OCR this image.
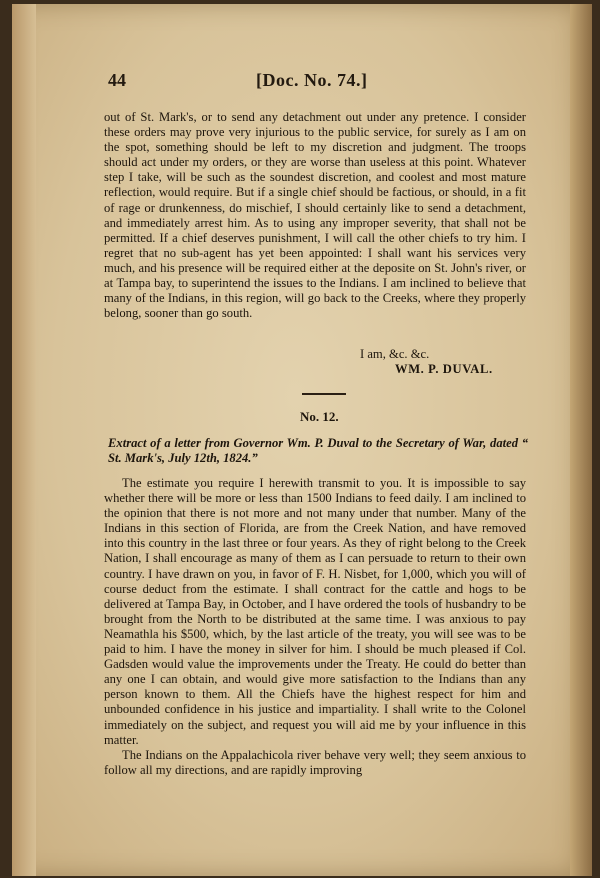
44	[Doc. No. 74.]

out of St. Mark's, or to send any detachment out under any pretence. I consider these orders may prove very injurious to the public service, for surely as I am on the spot, something should be left to my discretion and judgment. The troops should act under my orders, or they are worse than useless at this point. Whatever step I take, will be such as the soundest discretion, and coolest and most mature reflection, would require. But if a single chief should be factious, or should, in a fit of rage or drunkenness, do mischief, I should certainly like to send a detachment, and immediately arrest him. As to using any improper severity, that shall not be permitted. If a chief deserves punishment, I will call the other chiefs to try him. I regret that no sub-agent has yet been appointed: I shall want his services very much, and his presence will be required either at the deposite on St. John's river, or at Tampa bay, to superintend the issues to the Indians. I am inclined to believe that many of the Indians, in this region, will go back to the Creeks, where they properly belong, sooner than go south.

I am, &c. &c.
WM. P. DUVAL.
No. 12.
Extract of a letter from Governor Wm. P. Duval to the Secretary of War, dated “ St. Mark's, July 12th, 1824.”

The estimate you require I herewith transmit to you. It is impossible to say whether there will be more or less than 1500 Indians to feed daily. I am inclined to the opinion that there is not more and not many under that number. Many of the Indians in this section of Florida, are from the Creek Nation, and have removed into this country in the last three or four years. As they of right belong to the Creek Nation, I shall encourage as many of them as I can persuade to return to their own country. I have drawn on you, in favor of F. H. Nisbet, for 1,000, which you will of course deduct from the estimate. I shall contract for the cattle and hogs to be delivered at Tampa Bay, in October, and I have ordered the tools of husbandry to be brought from the North to be distributed at the same time. I was anxious to pay Neamathla his $500, which, by the last article of the treaty, you will see was to be paid to him. I have the money in silver for him. I should be much pleased if Col. Gadsden would value the improvements under the Treaty. He could do better than any one I can obtain, and would give more satisfaction to the Indians than any person known to them. All the Chiefs have the highest respect for him and unbounded confidence in his justice and impartiality. I shall write to the Colonel immediately on the subject, and request you will aid me by your influence in this matter.

The Indians on the Appalachicola river behave very well; they seem anxious to follow all my directions, and are rapidly improving
